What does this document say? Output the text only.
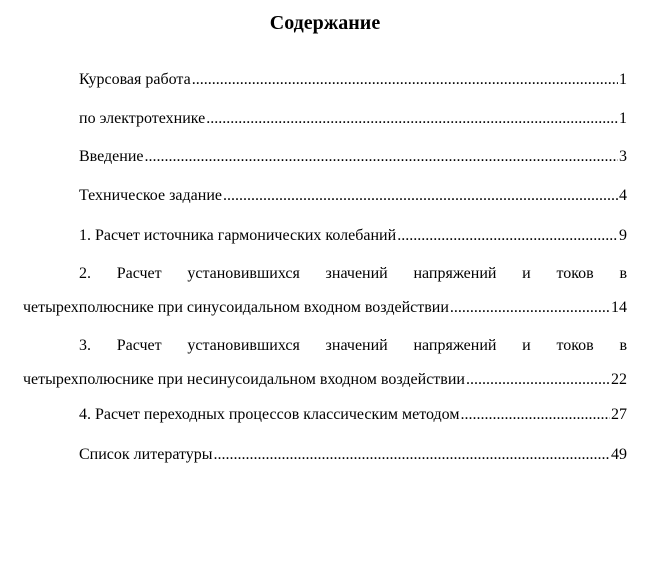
Содержание
Курсовая работа .....	1
по электротехнике .....	1
Введение .....	3
Техническое задание .....	4
1. Расчет источника гармонических колебаний .....	9
2. Расчет установившихся значений напряжений и токов в
четырехполюснике при синусоидальном входном воздействии .....	14
3. Расчет установившихся значений напряжений и токов в
четырехполюснике при несинусоидальном входном воздействии .....	22
4. Расчет переходных процессов классическим методом .....	27
Список литературы .....	49
